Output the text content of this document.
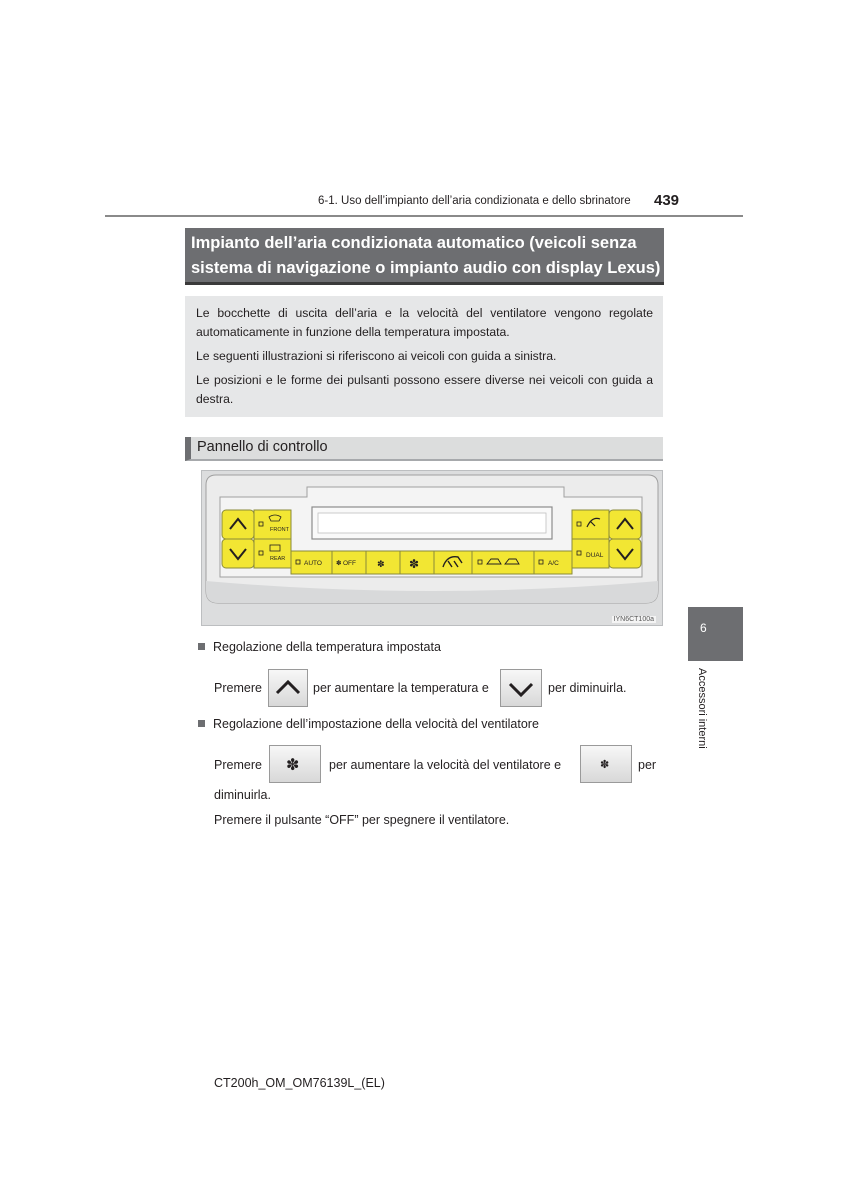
6-1. Uso dell’impianto dell’aria condizionata e dello sbrinatore 439
Impianto dell’aria condizionata automatico (veicoli senza
sistema di navigazione o impianto audio con display Lexus)

Le bocchette di uscita dell’aria e la velocità del ventilatore vengono regolate automaticamente in funzione della temperatura impostata.

Le seguenti illustrazioni si riferiscono ai veicoli con guida a sinistra.

Le posizioni e le forme dei pulsanti possono essere diverse nei veicoli con guida a destra.

Pannello di controllo
FRONT
REAR
AUTO ✽ OFF ✽ ✽	A/C
DUAL
IYN6CT100a
Regolazione della temperatura impostata
Premere	per aumentare la temperatura e	per diminuirla.
Regolazione dell’impostazione della velocità del ventilatore
Premere ✽ per aumentare la velocità del ventilatore e	✽ per
diminuirla.
Premere il pulsante “OFF” per spegnere il ventilatore.
6
Accessori interni
CT200h_OM_OM76139L_(EL)
